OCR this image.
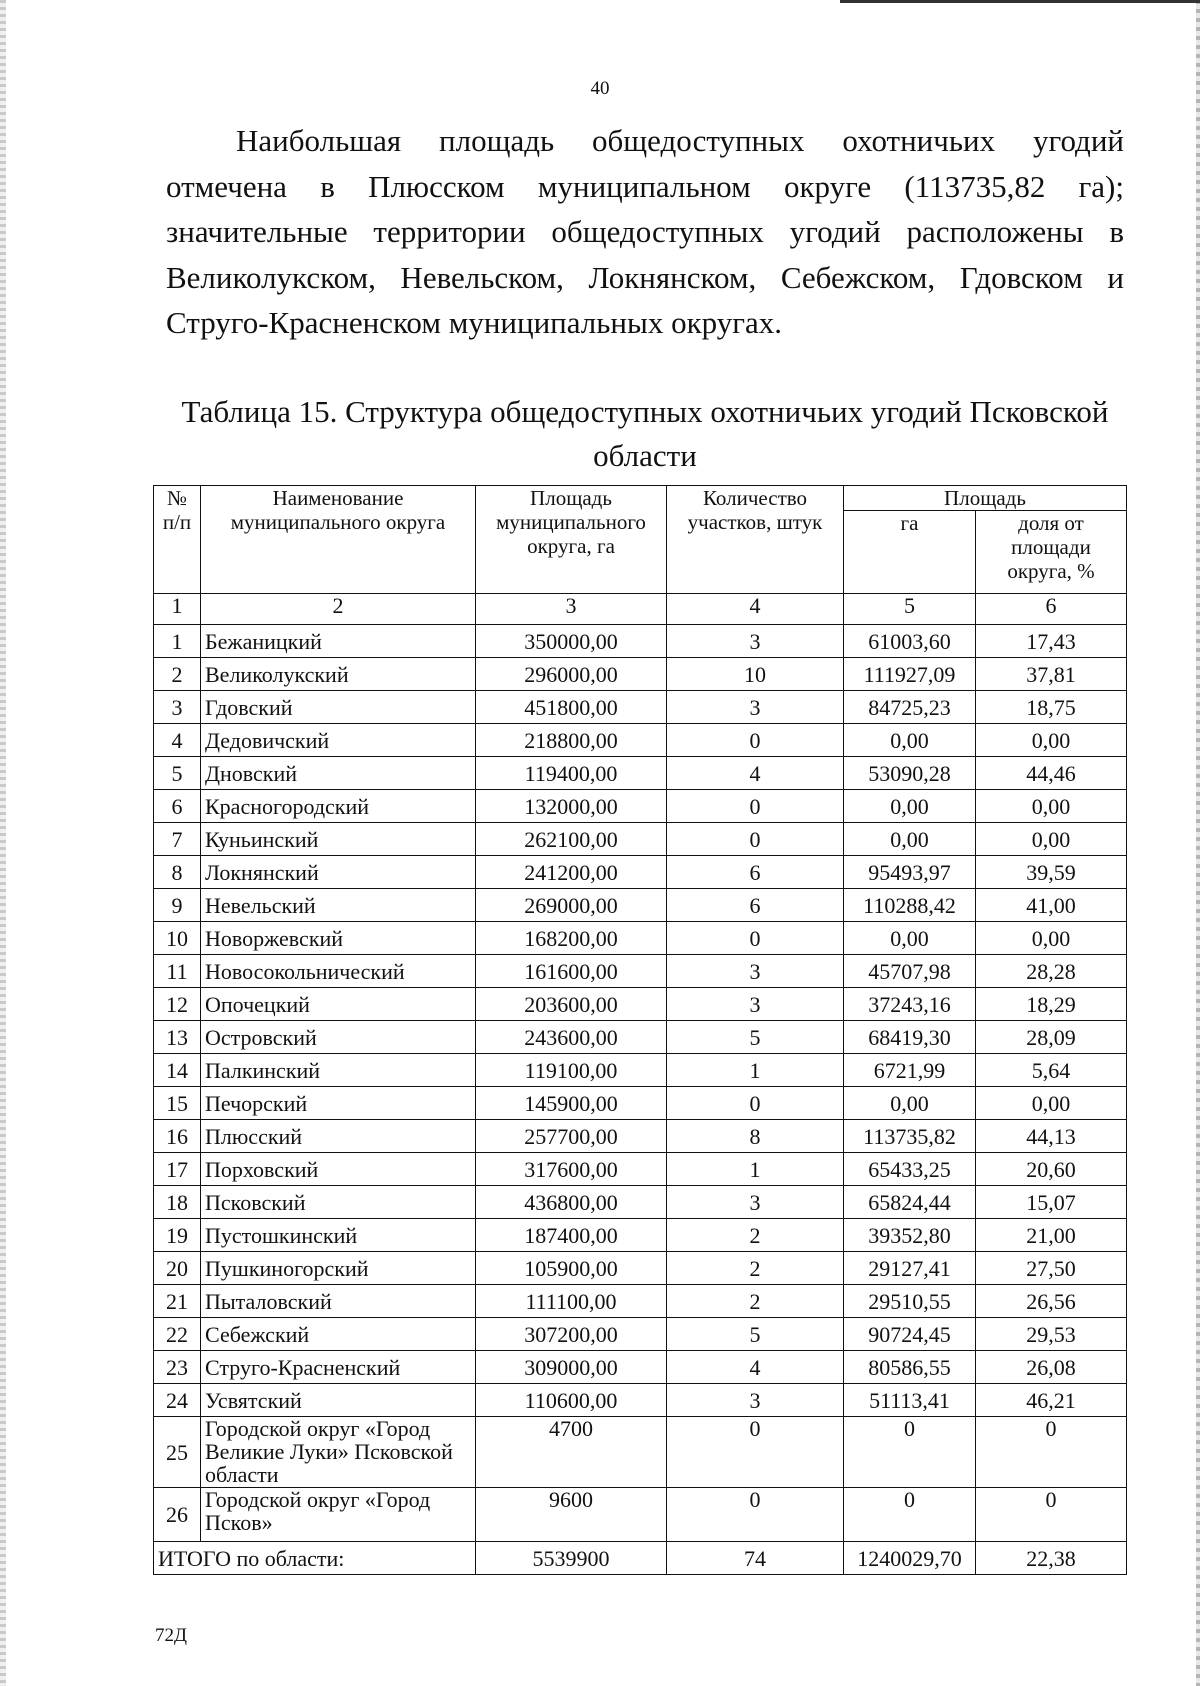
40

Наибольшая площадь общедоступных охотничьих угодий отмечена в Плюсском муниципальном округе (113735,82 га); значительные территории общедоступных угодий расположены в Великолукском, Невельском, Локнянском, Себежском, Гдовском и Струго-Красненском муниципальных округах.

Таблица 15. Структура общедоступных охотничьих угодий Псковской области

№ п/п	Наименование муниципального округа	Площадь муниципального округа, га	Количество участков, штук	Площадь	
				га	доля от площади округа, %
1	2	3	4	5	6
1	Бежаницкий	350000,00	3	61003,60	17,43
2	Великолукский	296000,00	10	111927,09	37,81
3	Гдовский	451800,00	3	84725,23	18,75
4	Дедовичский	218800,00	0	0,00	0,00
5	Дновский	119400,00	4	53090,28	44,46
6	Красногородский	132000,00	0	0,00	0,00
7	Куньинский	262100,00	0	0,00	0,00
8	Локнянский	241200,00	6	95493,97	39,59
9	Невельский	269000,00	6	110288,42	41,00
10	Новоржевский	168200,00	0	0,00	0,00
11	Новосокольнический	161600,00	3	45707,98	28,28
12	Опочецкий	203600,00	3	37243,16	18,29
13	Островский	243600,00	5	68419,30	28,09
14	Палкинский	119100,00	1	6721,99	5,64
15	Печорский	145900,00	0	0,00	0,00
16	Плюсский	257700,00	8	113735,82	44,13
17	Порховский	317600,00	1	65433,25	20,60
18	Псковский	436800,00	3	65824,44	15,07
19	Пустошкинский	187400,00	2	39352,80	21,00
20	Пушкиногорский	105900,00	2	29127,41	27,50
21	Пыталовский	111100,00	2	29510,55	26,56
22	Себежский	307200,00	5	90724,45	29,53
23	Струго-Красненский	309000,00	4	80586,55	26,08
24	Усвятский	110600,00	3	51113,41	46,21
25	Городской округ «Город Великие Луки» Псковской области	4700	0	0	0
26	Городской округ «Город Псков»	9600	0	0	0
ИТОГО по области:		5539900	74	1240029,70	22,38
72Д
